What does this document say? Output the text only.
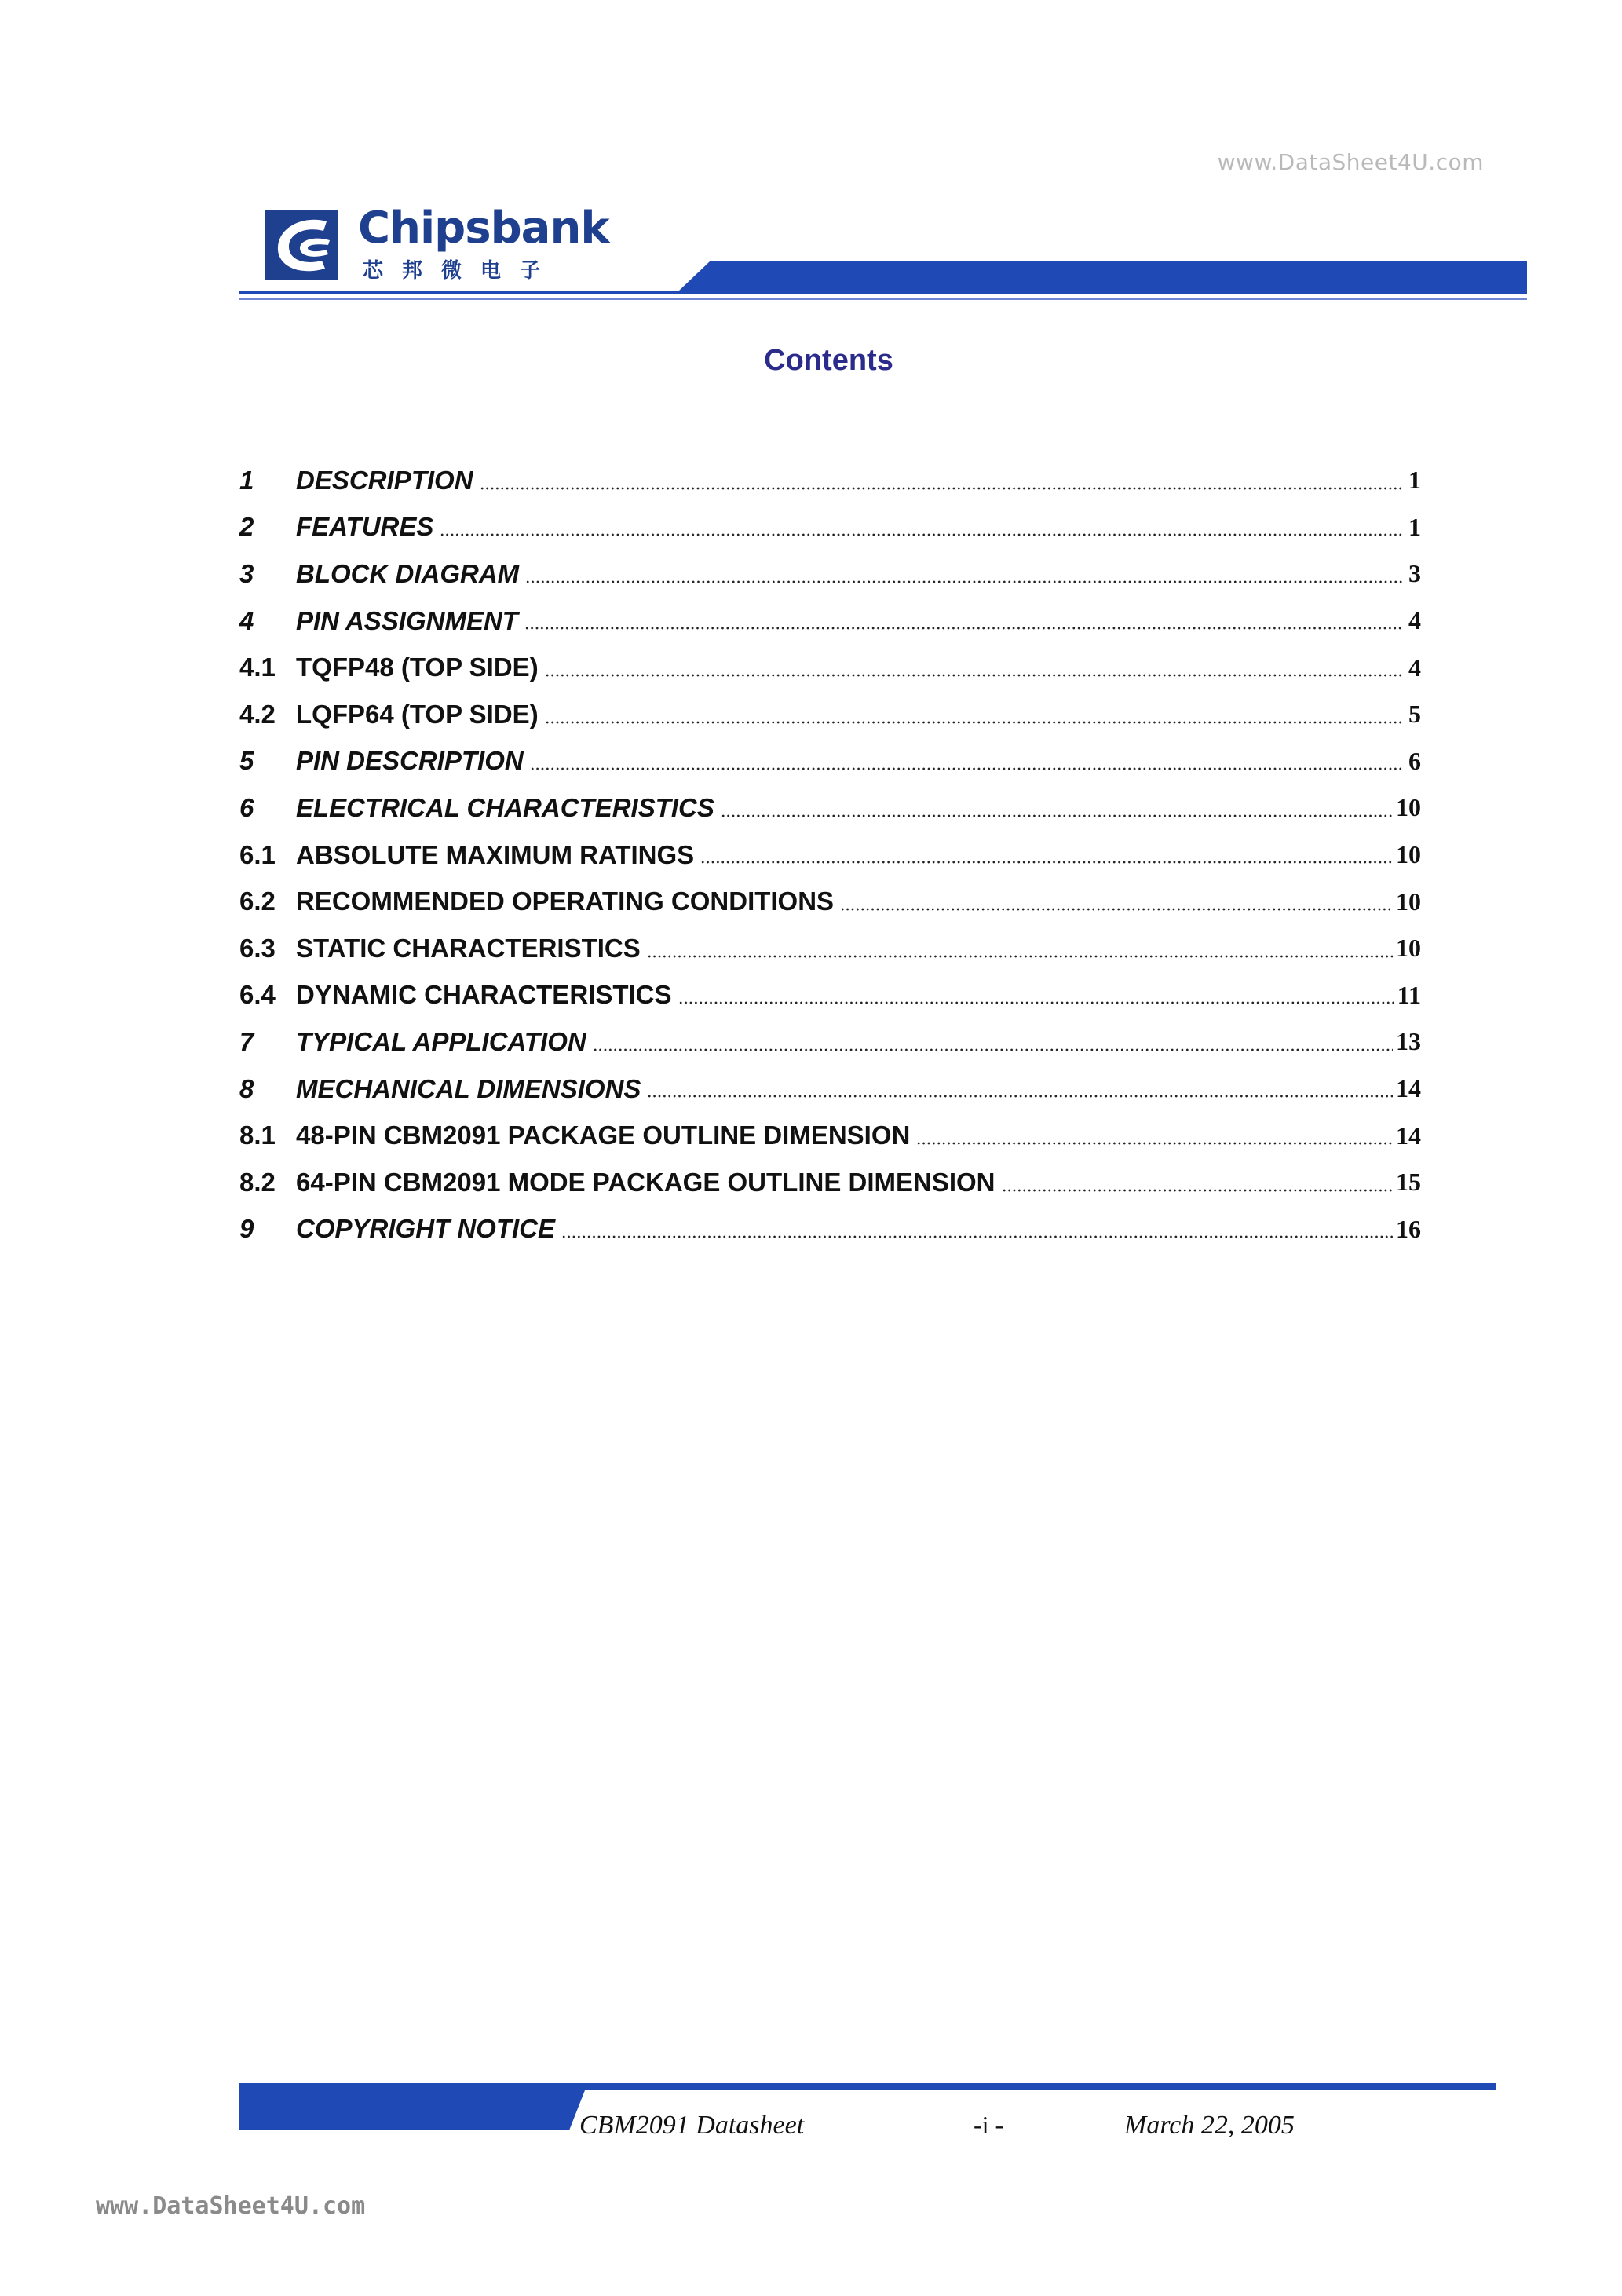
www.DataSheet4U.com
Chipsbank
芯邦微电子
Contents
1	DESCRIPTION	1
2	FEATURES	1
3	BLOCK DIAGRAM	3
4	PIN ASSIGNMENT	4
4.1 TQFP48 (TOP SIDE)	4
4.2 LQFP64 (TOP SIDE)	5
5	PIN DESCRIPTION	6
6	ELECTRICAL CHARACTERISTICS	10
6.1 ABSOLUTE MAXIMUM RATINGS	10
6.2 RECOMMENDED OPERATING CONDITIONS	10
6.3 STATIC CHARACTERISTICS	10
6.4 DYNAMIC CHARACTERISTICS	11
7	TYPICAL APPLICATION	13
8	MECHANICAL DIMENSIONS	14
8.1 48-PIN CBM2091 PACKAGE OUTLINE DIMENSION	14
8.2 64-PIN CBM2091 MODE PACKAGE OUTLINE DIMENSION	15
9	COPYRIGHT NOTICE	16
CBM2091 Datasheet	-i -	March 22, 2005
www.DataSheet4U.com
